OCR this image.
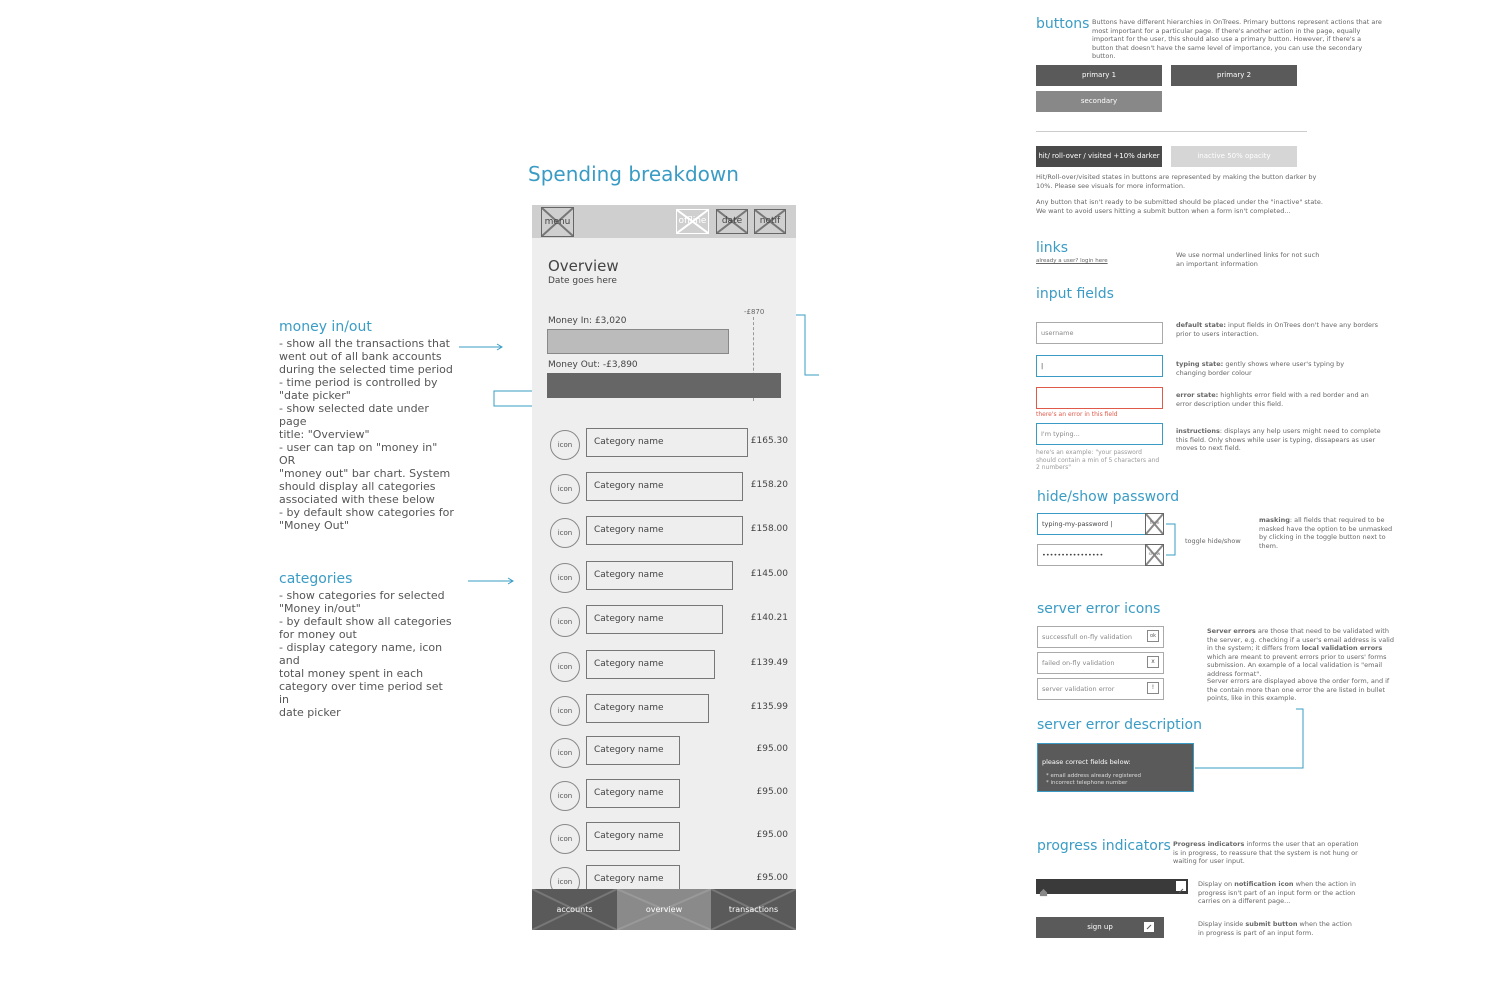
Spending breakdown
money in/out
- show all the transactions that
went out of all bank accounts
during the selected time period
- time period is controlled by
"date picker"
- show selected date under page
title: "Overview"
- user can tap on "money in" OR
"money out" bar chart. System
should display all categories
associated with these below
- by default show categories for
"Money Out"
categories
- show categories for selected
"Money in/out"
- by default show all categories
for money out
- display category name, icon and
total money spent in each
category over time period set in
date picker
menu	offline	date	notif
Overview
Date goes here
-£870
Money In: £3,020
Money Out: -£3,890
icon	Category name	£165.30
icon	Category name	£158.20
icon	Category name	£158.00
icon	Category name	£145.00
icon	Category name	£140.21
icon	Category name	£139.49
icon	Category name	£135.99
icon	Category name	£95.00
icon	Category name	£95.00
icon	Category name	£95.00
icon	Category name	£95.00
accounts	overview	transactions
buttons Buttons have different hierarchies in OnTrees. Primary buttons represent actions that are most important for a particular page. If there's another action in the page, equally important for the user, this should also use a primary button. However, if there's a button that doesn't have the same level of importance, you can use the secondary button.
primary 1	primary 2
secondary
hit/ roll-over / visited +10% darker	inactive 50% opacity
Hit/Roll-over/visited states in buttons are represented by making the button darker by 10%. Please see visuals for more information.
Any button that isn't ready to be submitted should be placed under the "inactive" state. We want to avoid users hitting a submit button when a form isn't completed...
links
already a user? login here
We use normal underlined links for not such an important information
input fields
username
|
there's an error in this field
I'm typing...
here's an example: "your password should contain a min of 5 characters and 2 numbers"
default state: input fields in OnTrees don't have any borders prior to users interaction.
typing state: gently shows where user's typing by changing border colour
error state: highlights error field with a red border and an error description under this field.
instructions: displays any help users might need to complete this field. Only shows while user is typing, dissapears as user moves to next field.
hide/show password
typing-my-password |	hide
••••••••••••••••	show
toggle hide/show
masking: all fields that required to be masked have the option to be unmasked by clicking in the toggle button next to them.
server error icons
successfull on-fly validation	ok
failed on-fly validation	x
server validation error	!
Server errors are those that need to be validated with the server, e.g. checking if a user's email address is valid in the system; it differs from local validation errors which are meant to prevent errors prior to users' forms submission. An example of a local validation is "email address format".
Server errors are displayed above the order form, and if the contain more than one error the are listed in bullet points, like in this example.
server error description
please correct fields below:
* email address already registered
* incorrect telephone number
progress indicators Progress indicators informs the user that an operation is in progress, to reassure that the system is not hung or waiting for user input.
Display on notification icon when the action in progress isn't part of an input form or the action carries on a different page...
sign up	Display inside submit button when the action in progress is part of an input form.
